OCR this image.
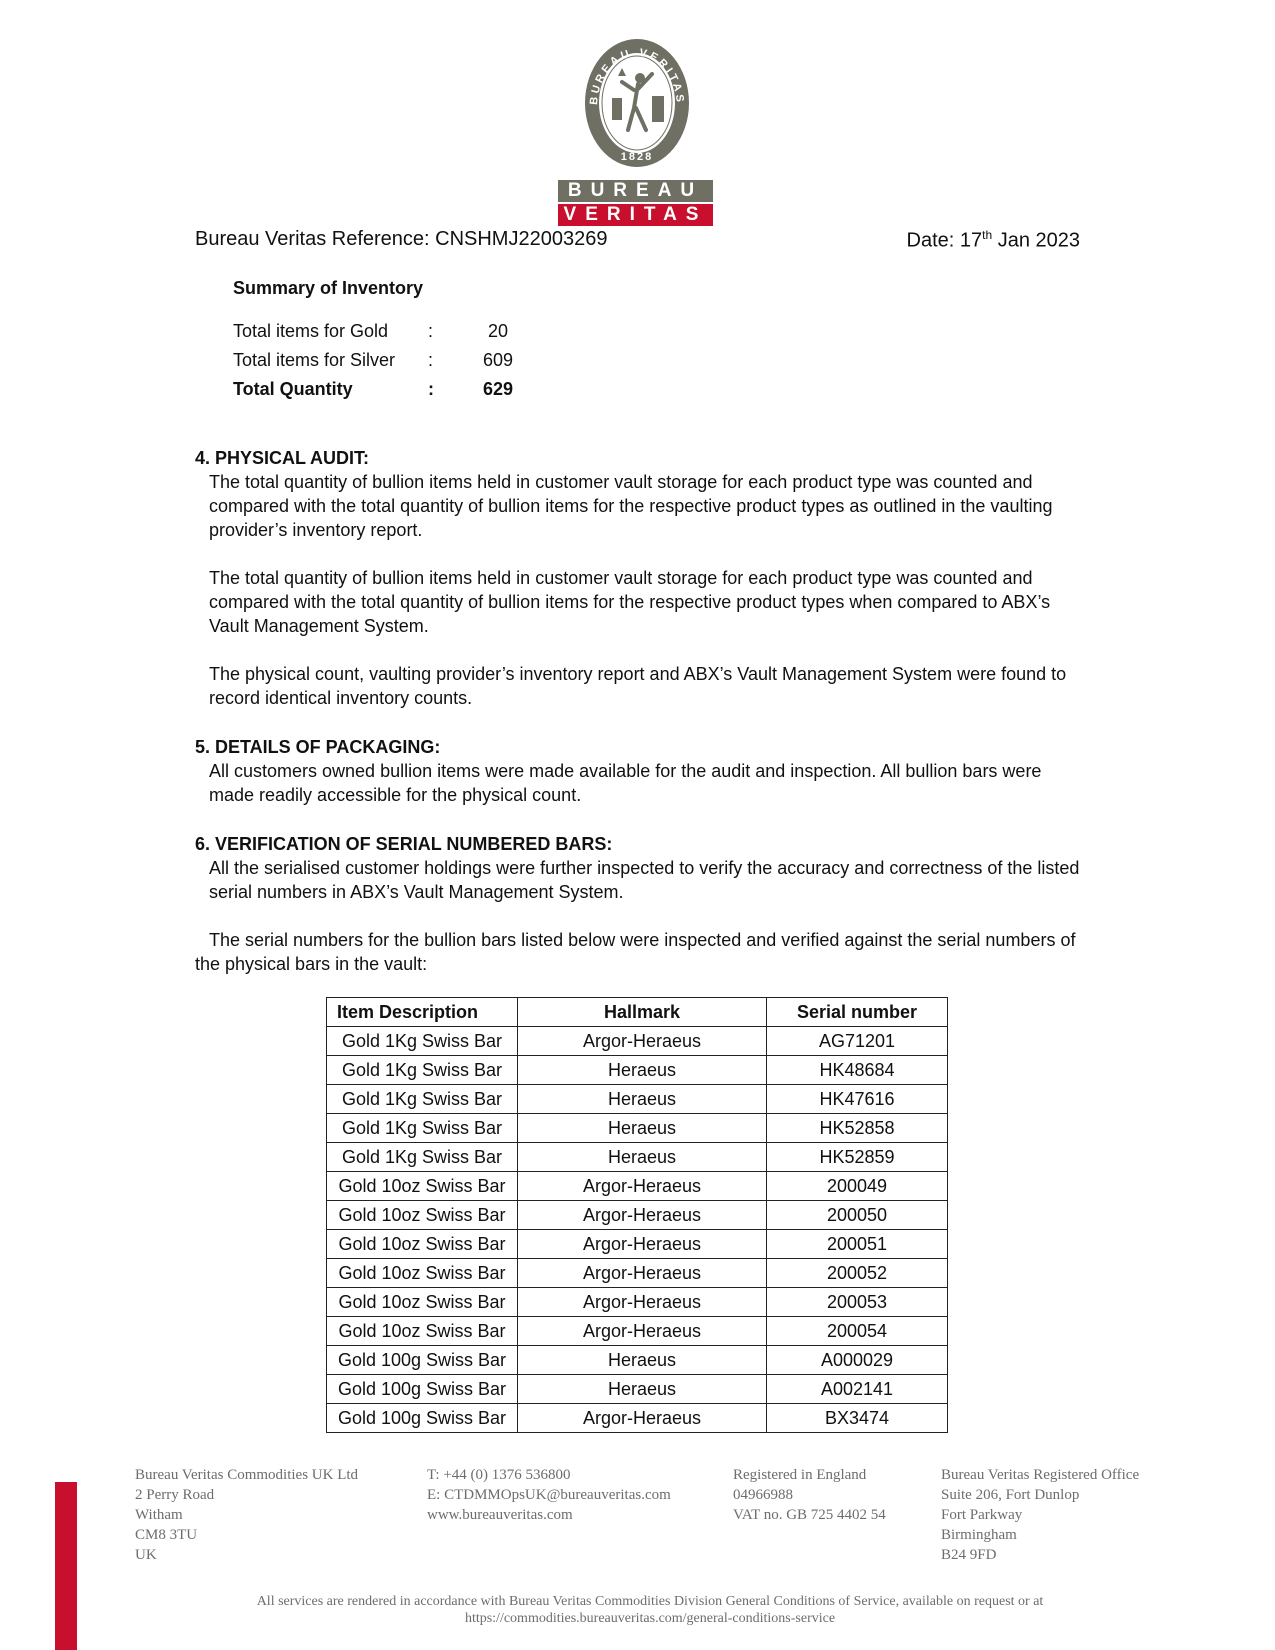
BUREAU VERITAS
1828
BUREAU
VERITAS
Bureau Veritas Reference: CNSHMJ22003269	Date: 17th Jan 2023
Summary of Inventory
Total items for Gold	:	20
Total items for Silver	:	609
Total Quantity	:	629
4. PHYSICAL AUDIT:

The total quantity of bullion items held in customer vault storage for each product type was counted and compared with the total quantity of bullion items for the respective product types as outlined in the vaulting provider’s inventory report.

The total quantity of bullion items held in customer vault storage for each product type was counted and compared with the total quantity of bullion items for the respective product types when compared to ABX’s Vault Management System.

The physical count, vaulting provider’s inventory report and ABX’s Vault Management System were found to record identical inventory counts.

5. DETAILS OF PACKAGING:

All customers owned bullion items were made available for the audit and inspection. All bullion bars were made readily accessible for the physical count.

6. VERIFICATION OF SERIAL NUMBERED BARS:

All the serialised customer holdings were further inspected to verify the accuracy and correctness of the listed serial numbers in ABX’s Vault Management System.

The serial numbers for the bullion bars listed below were inspected and verified against the serial numbers of the physical bars in the vault:

Item Description	Hallmark	Serial number
Gold 1Kg Swiss Bar	Argor-Heraeus	AG71201
Gold 1Kg Swiss Bar	Heraeus	HK48684
Gold 1Kg Swiss Bar	Heraeus	HK47616
Gold 1Kg Swiss Bar	Heraeus	HK52858
Gold 1Kg Swiss Bar	Heraeus	HK52859
Gold 10oz Swiss Bar	Argor-Heraeus	200049
Gold 10oz Swiss Bar	Argor-Heraeus	200050
Gold 10oz Swiss Bar	Argor-Heraeus	200051
Gold 10oz Swiss Bar	Argor-Heraeus	200052
Gold 10oz Swiss Bar	Argor-Heraeus	200053
Gold 10oz Swiss Bar	Argor-Heraeus	200054
Gold 100g Swiss Bar	Heraeus	A000029
Gold 100g Swiss Bar	Heraeus	A002141
Gold 100g Swiss Bar	Argor-Heraeus	BX3474
Bureau Veritas Commodities UK Ltd
2 Perry Road
Witham
CM8 3TU
UK
T: +44 (0) 1376 536800
E: CTDMMOpsUK@bureauveritas.com
www.bureauveritas.com
Registered in England
04966988
VAT no. GB 725 4402 54
Bureau Veritas Registered Office
Suite 206, Fort Dunlop
Fort Parkway
Birmingham
B24 9FD
All services are rendered in accordance with Bureau Veritas Commodities Division General Conditions of Service, available on request or at
https://commodities.bureauveritas.com/general-conditions-service
